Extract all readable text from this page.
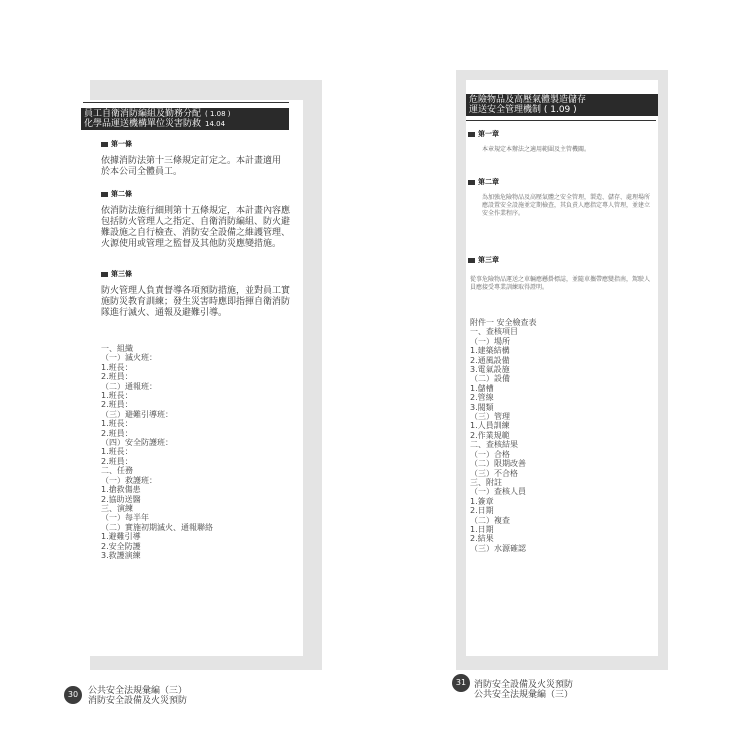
員工自衛消防編組及勤務分配 ( 1.08 )
化學品運送機構單位災害防救 14.04
第一條
依據消防法第十三條規定訂定之。本計畫適用於本公司全體員工。
第二條
依消防法施行細則第十五條規定，本計畫內容應包括防火管理人之指定、自衛消防編組、防火避難設施之自行檢查、消防安全設備之維護管理、火源使用或管理之監督及其他防災應變措施。
第三條
防火管理人負責督導各項預防措施，並對員工實施防災教育訓練；發生災害時應即指揮自衛消防隊進行滅火、通報及避難引導。
一、組織
（一）滅火班：
1.班長：
2.班員：
（二）通報班：
1.班長：
2.班員：
（三）避難引導班：
1.班長：
2.班員：
（四）安全防護班：
1.班長：
2.班員：
二、任務
（一）救護班：
1.搶救傷患
2.協助送醫
三、演練
（一）每半年
（二）實施初期滅火、通報聯絡
1.避難引導
2.安全防護
3.救護演練
30	公共安全法規彙編（三）
消防安全設備及火災預防
危險物品及高壓氣體製造儲存
運送安全管理機制 ( 1.09 )
第一章
本章規定本辦法之適用範圍及主管機關。
第二章
為加強危險物品及高壓氣體之安全管理，製造、儲存、處理場所應設置安全設施並定期檢查，其負責人應指定專人管理，並建立安全作業程序。
第三章
從事危險物品運送之車輛應懸掛標誌，並隨車攜帶應變指南，駕駛人員應接受專業訓練取得證明。
附件一 安全檢查表
一、查核項目
（一）場所
1.建築結構
2.通風設備
3.電氣設施
（二）設備
1.儲槽
2.管線
3.閥類
（三）管理
1.人員訓練
2.作業規範
二、查核結果
（一）合格
（二）限期改善
（三）不合格
三、附註
（一）查核人員
1.簽章
2.日期
（二）複查
1.日期
2.結果
（三）水源確認
31 消防安全設備及火災預防
公共安全法規彙編（三）
